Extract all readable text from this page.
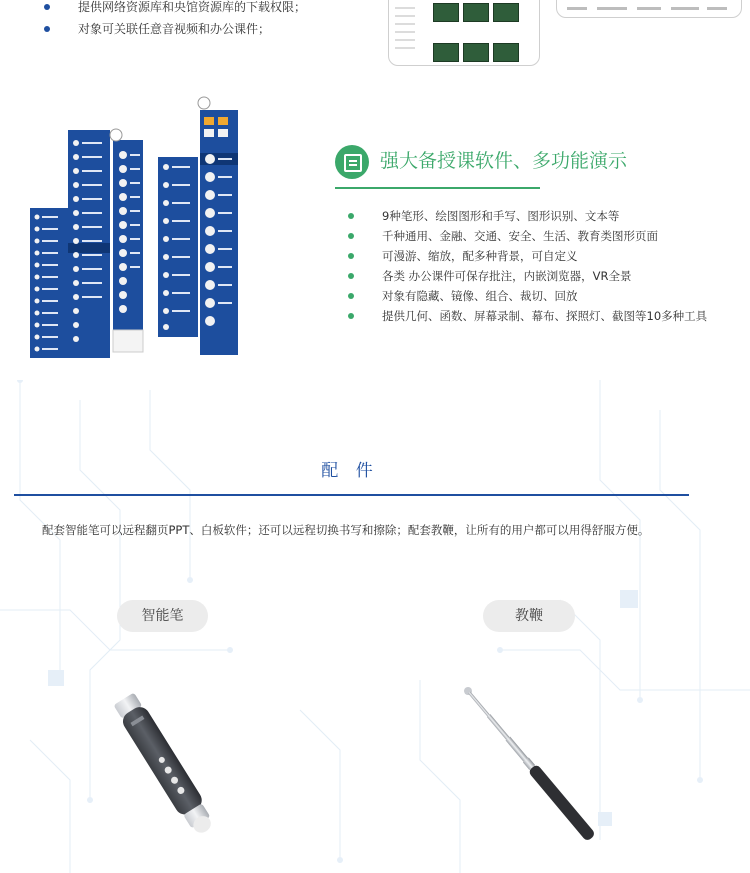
提供网络资源库和央馆资源库的下载权限；
对象可关联任意音视频和办公课件；
强大备授课软件、多功能演示
9种笔形、绘图图形和手写、图形识别、文本等
千种通用、金融、交通、安全、生活、教育类图形页面
可漫游、缩放，配多种背景，可自定义
各类 办公课件可保存批注，内嵌浏览器，VR全景
对象有隐藏、镜像、组合、裁切、回放
提供几何、函数、屏幕录制、幕布、探照灯、截图等10多种工具
配 件
配套智能笔可以远程翻页PPT、白板软件；还可以远程切换书写和擦除；配套教鞭，让所有的用户都可以用得舒服方便。
智能笔	教鞭
